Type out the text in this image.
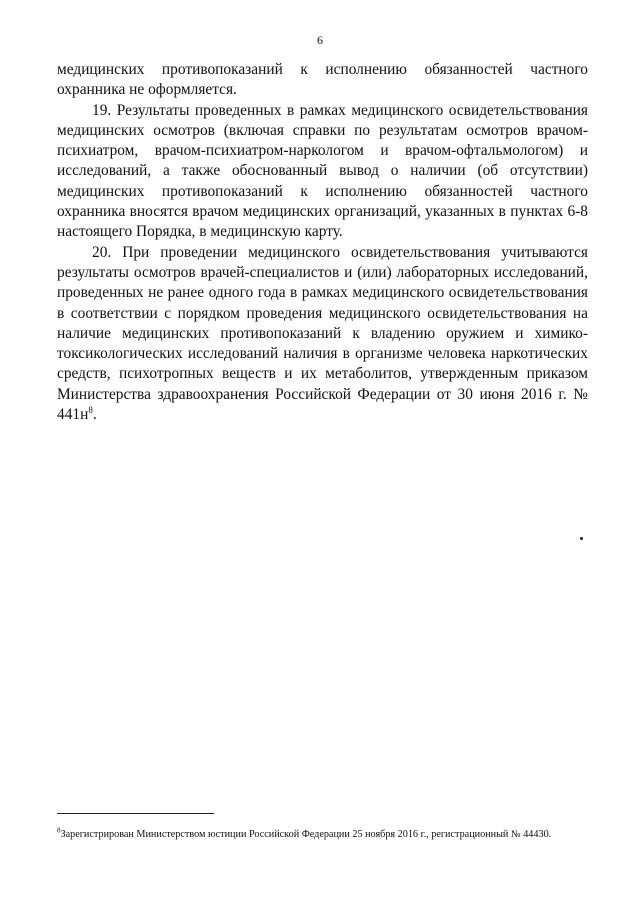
6

медицинских противопоказаний к исполнению обязанностей частного охранника не оформляется.

19. Результаты проведенных в рамках медицинского освидетельствования медицинских осмотров (включая справки по результатам осмотров врачом-психиатром, врачом-психиатром-наркологом и врачом-офтальмологом) и исследований, а также обоснованный вывод о наличии (об отсутствии) медицинских противопоказаний к исполнению обязанностей частного охранника вносятся врачом медицинских организаций, указанных в пунктах 6-8 настоящего Порядка, в медицинскую карту.

20. При проведении медицинского освидетельствования учитываются результаты осмотров врачей-специалистов и (или) лабораторных исследований, проведенных не ранее одного года в рамках медицинского освидетельствования в соответствии с порядком проведения медицинского освидетельствования на наличие медицинских противопоказаний к владению оружием и химико-токсикологических исследований наличия в организме человека наркотических средств, психотропных веществ и их метаболитов, утвержденным приказом Министерства здравоохранения Российской Федерации от 30 июня 2016 г. № 441н$^8$.

$^8$Зарегистрирован Министерством юстиции Российской Федерации 25 ноября 2016 г., регистрационный № 44430.
